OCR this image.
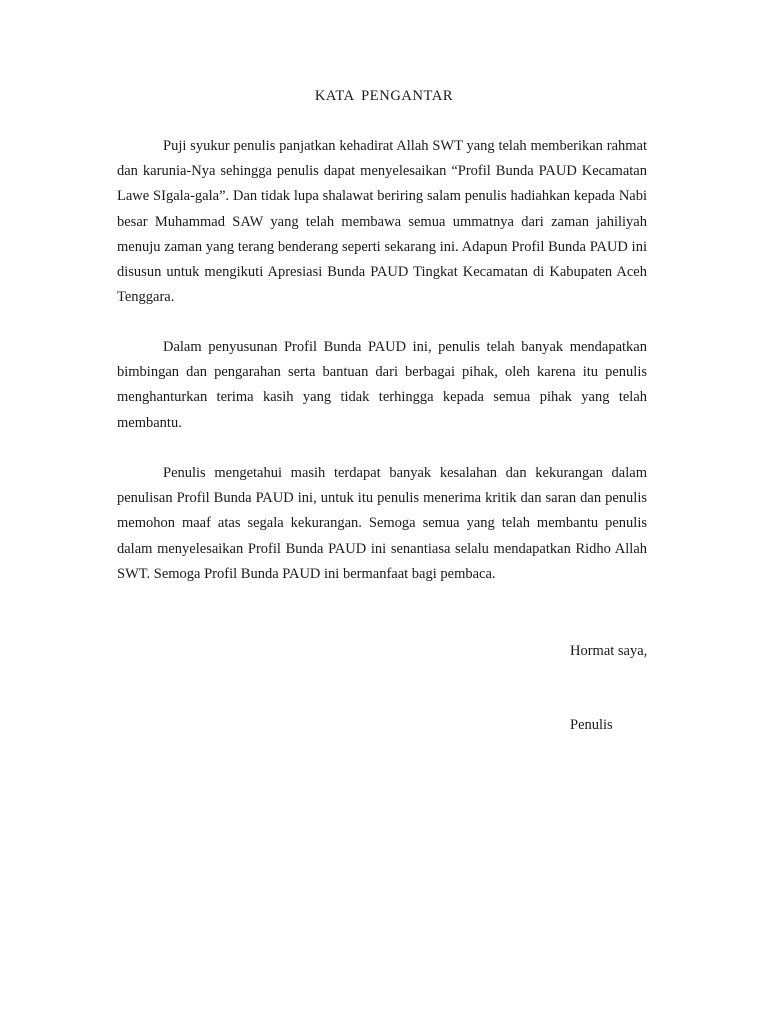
KATA PENGANTAR

Puji syukur penulis panjatkan kehadirat Allah SWT yang telah memberikan rahmat dan karunia-Nya sehingga penulis dapat menyelesaikan “Profil Bunda PAUD Kecamatan Lawe SIgala-gala”. Dan tidak lupa shalawat beriring salam penulis hadiahkan kepada Nabi besar Muhammad SAW yang telah membawa semua ummatnya dari zaman jahiliyah menuju zaman yang terang benderang seperti sekarang ini. Adapun Profil Bunda PAUD ini disusun untuk mengikuti Apresiasi Bunda PAUD Tingkat Kecamatan di Kabupaten Aceh Tenggara.

Dalam penyusunan Profil Bunda PAUD ini, penulis telah banyak mendapatkan bimbingan dan pengarahan serta bantuan dari berbagai pihak, oleh karena itu penulis menghanturkan terima kasih yang tidak terhingga kepada semua pihak yang telah membantu.

Penulis mengetahui masih terdapat banyak kesalahan dan kekurangan dalam penulisan Profil Bunda PAUD ini, untuk itu penulis menerima kritik dan saran dan penulis memohon maaf atas segala kekurangan. Semoga semua yang telah membantu penulis dalam menyelesaikan Profil Bunda PAUD ini senantiasa selalu mendapatkan Ridho Allah SWT. Semoga Profil Bunda PAUD ini bermanfaat bagi pembaca.

Hormat saya,
Penulis
